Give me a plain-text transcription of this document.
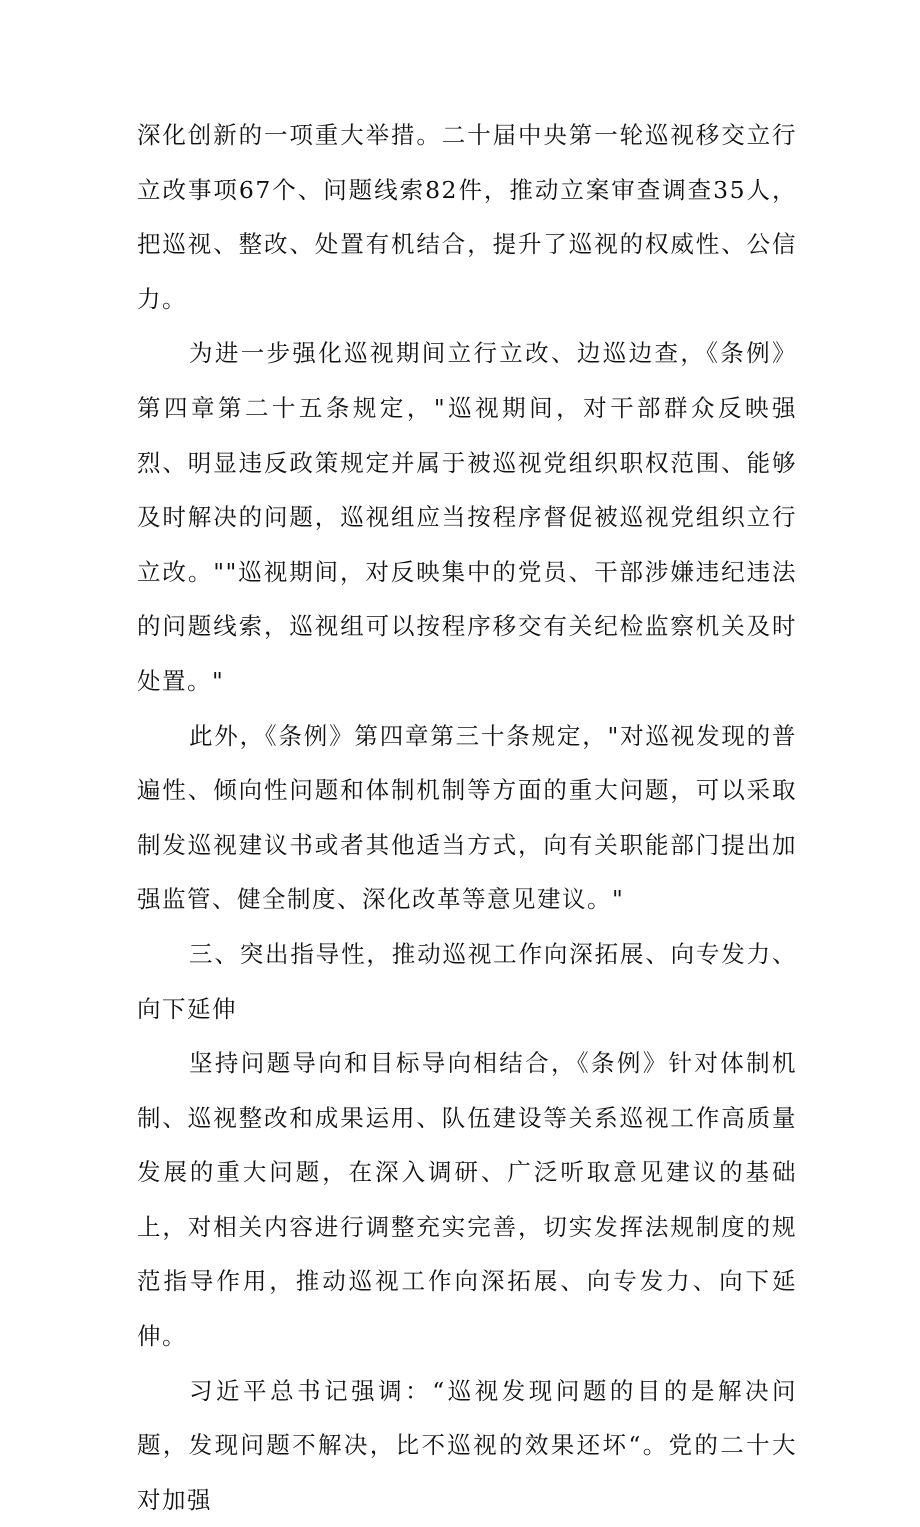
深化创新的一项重大举措。二十届中央第一轮巡视移交立行立改事项67个、问题线索82件，推动立案审查调查35人，把巡视、整改、处置有机结合，提升了巡视的权威性、公信力。

为进一步强化巡视期间立行立改、边巡边查，《条例》第四章第二十五条规定，"巡视期间，对干部群众反映强烈、明显违反政策规定并属于被巡视党组织职权范围、能够及时解决的问题，巡视组应当按程序督促被巡视党组织立行立改。""巡视期间，对反映集中的党员、干部涉嫌违纪违法的问题线索，巡视组可以按程序移交有关纪检监察机关及时处置。"

此外，《条例》第四章第三十条规定，"对巡视发现的普遍性、倾向性问题和体制机制等方面的重大问题，可以采取制发巡视建议书或者其他适当方式，向有关职能部门提出加强监管、健全制度、深化改革等意见建议。"

三、突出指导性，推动巡视工作向深拓展、向专发力、向下延伸

坚持问题导向和目标导向相结合，《条例》针对体制机制、巡视整改和成果运用、队伍建设等关系巡视工作高质量发展的重大问题，在深入调研、广泛听取意见建议的基础上，对相关内容进行调整充实完善，切实发挥法规制度的规范指导作用，推动巡视工作向深拓展、向专发力、向下延伸。

习近平总书记强调：“巡视发现问题的目的是解决问题，发现问题不解决，比不巡视的效果还坏“。党的二十大对加强
